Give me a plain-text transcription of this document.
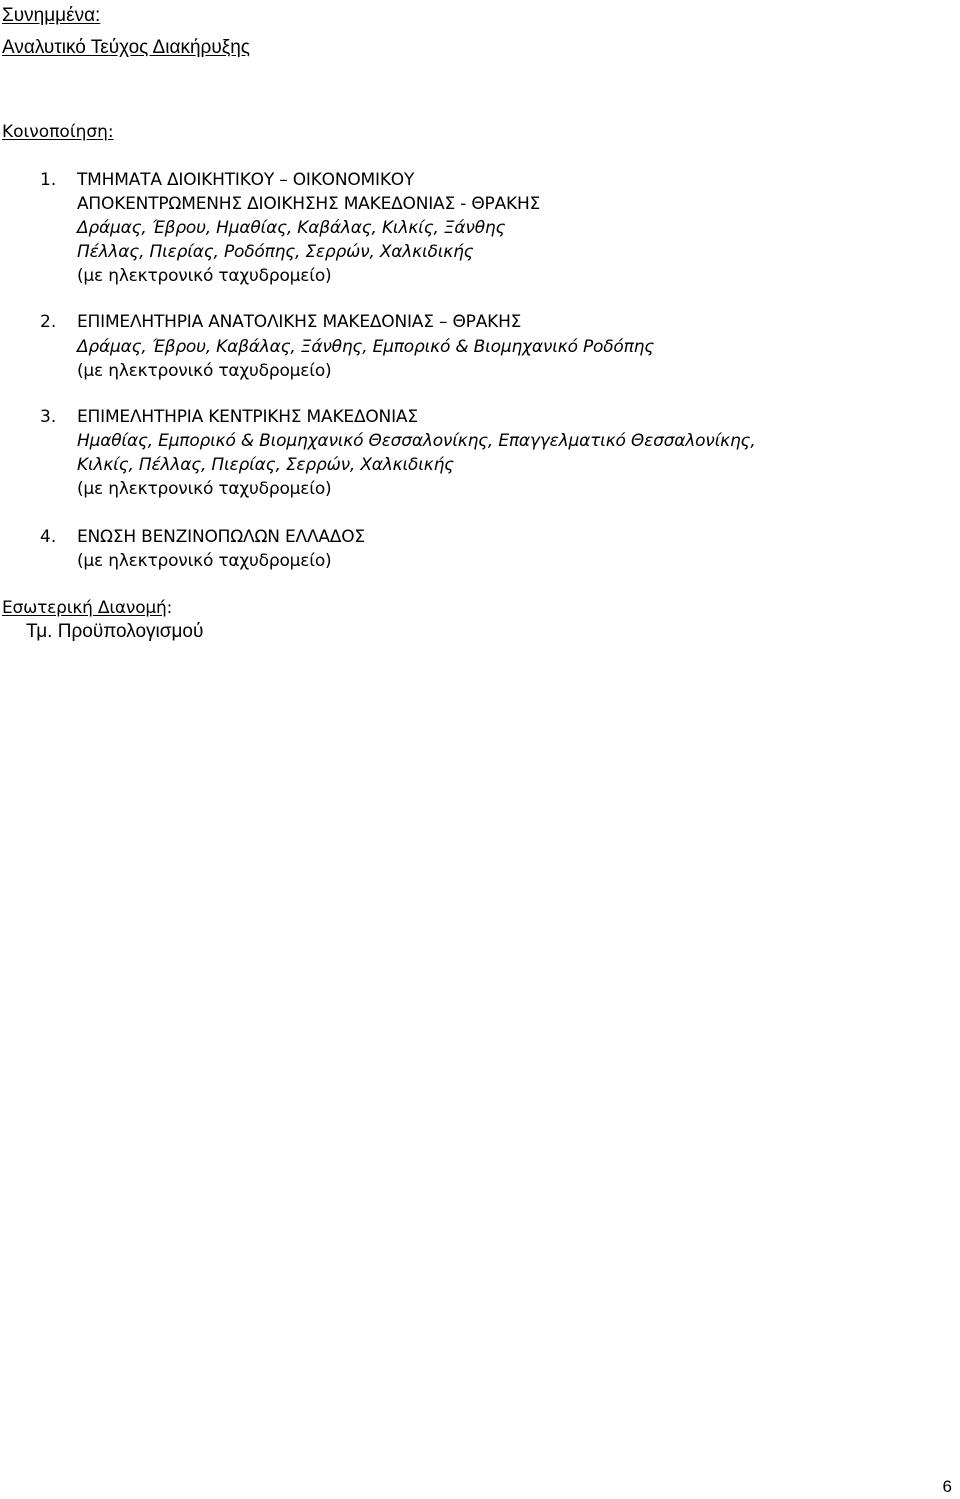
Συνημμένα:
Αναλυτικό Τεύχος Διακήρυξης
Κοινοποίηση:
1. ΤΜΗΜΑΤΑ ΔΙΟΙΚΗΤΙΚΟΥ – ΟΙΚΟΝΟΜΙΚΟΥ
ΑΠΟΚΕΝΤΡΩΜΕΝΗΣ ΔΙΟΙΚΗΣΗΣ ΜΑΚΕΔΟΝΙΑΣ - ΘΡΑΚΗΣ
Δράμας, Έβρου, Ημαθίας, Καβάλας, Κιλκίς, Ξάνθης
Πέλλας, Πιερίας, Ροδόπης, Σερρών, Χαλκιδικής
(με ηλεκτρονικό ταχυδρομείο)
2. ΕΠΙΜΕΛΗΤΗΡΙΑ ΑΝΑΤΟΛΙΚΗΣ ΜΑΚΕΔΟΝΙΑΣ – ΘΡΑΚΗΣ
Δράμας, Έβρου, Καβάλας, Ξάνθης, Εμπορικό & Βιομηχανικό Ροδόπης
(με ηλεκτρονικό ταχυδρομείο)
3. ΕΠΙΜΕΛΗΤΗΡΙΑ ΚΕΝΤΡΙΚΗΣ ΜΑΚΕΔΟΝΙΑΣ
Ημαθίας, Εμπορικό & Βιομηχανικό Θεσσαλονίκης, Επαγγελματικό Θεσσαλονίκης,
Κιλκίς, Πέλλας, Πιερίας, Σερρών, Χαλκιδικής
(με ηλεκτρονικό ταχυδρομείο)
4. ΕΝΩΣΗ ΒΕΝΖΙΝΟΠΩΛΩΝ ΕΛΛΑΔΟΣ
(με ηλεκτρονικό ταχυδρομείο)
Εσωτερική Διανομή:
Τμ. Προϋπολογισμού
6
